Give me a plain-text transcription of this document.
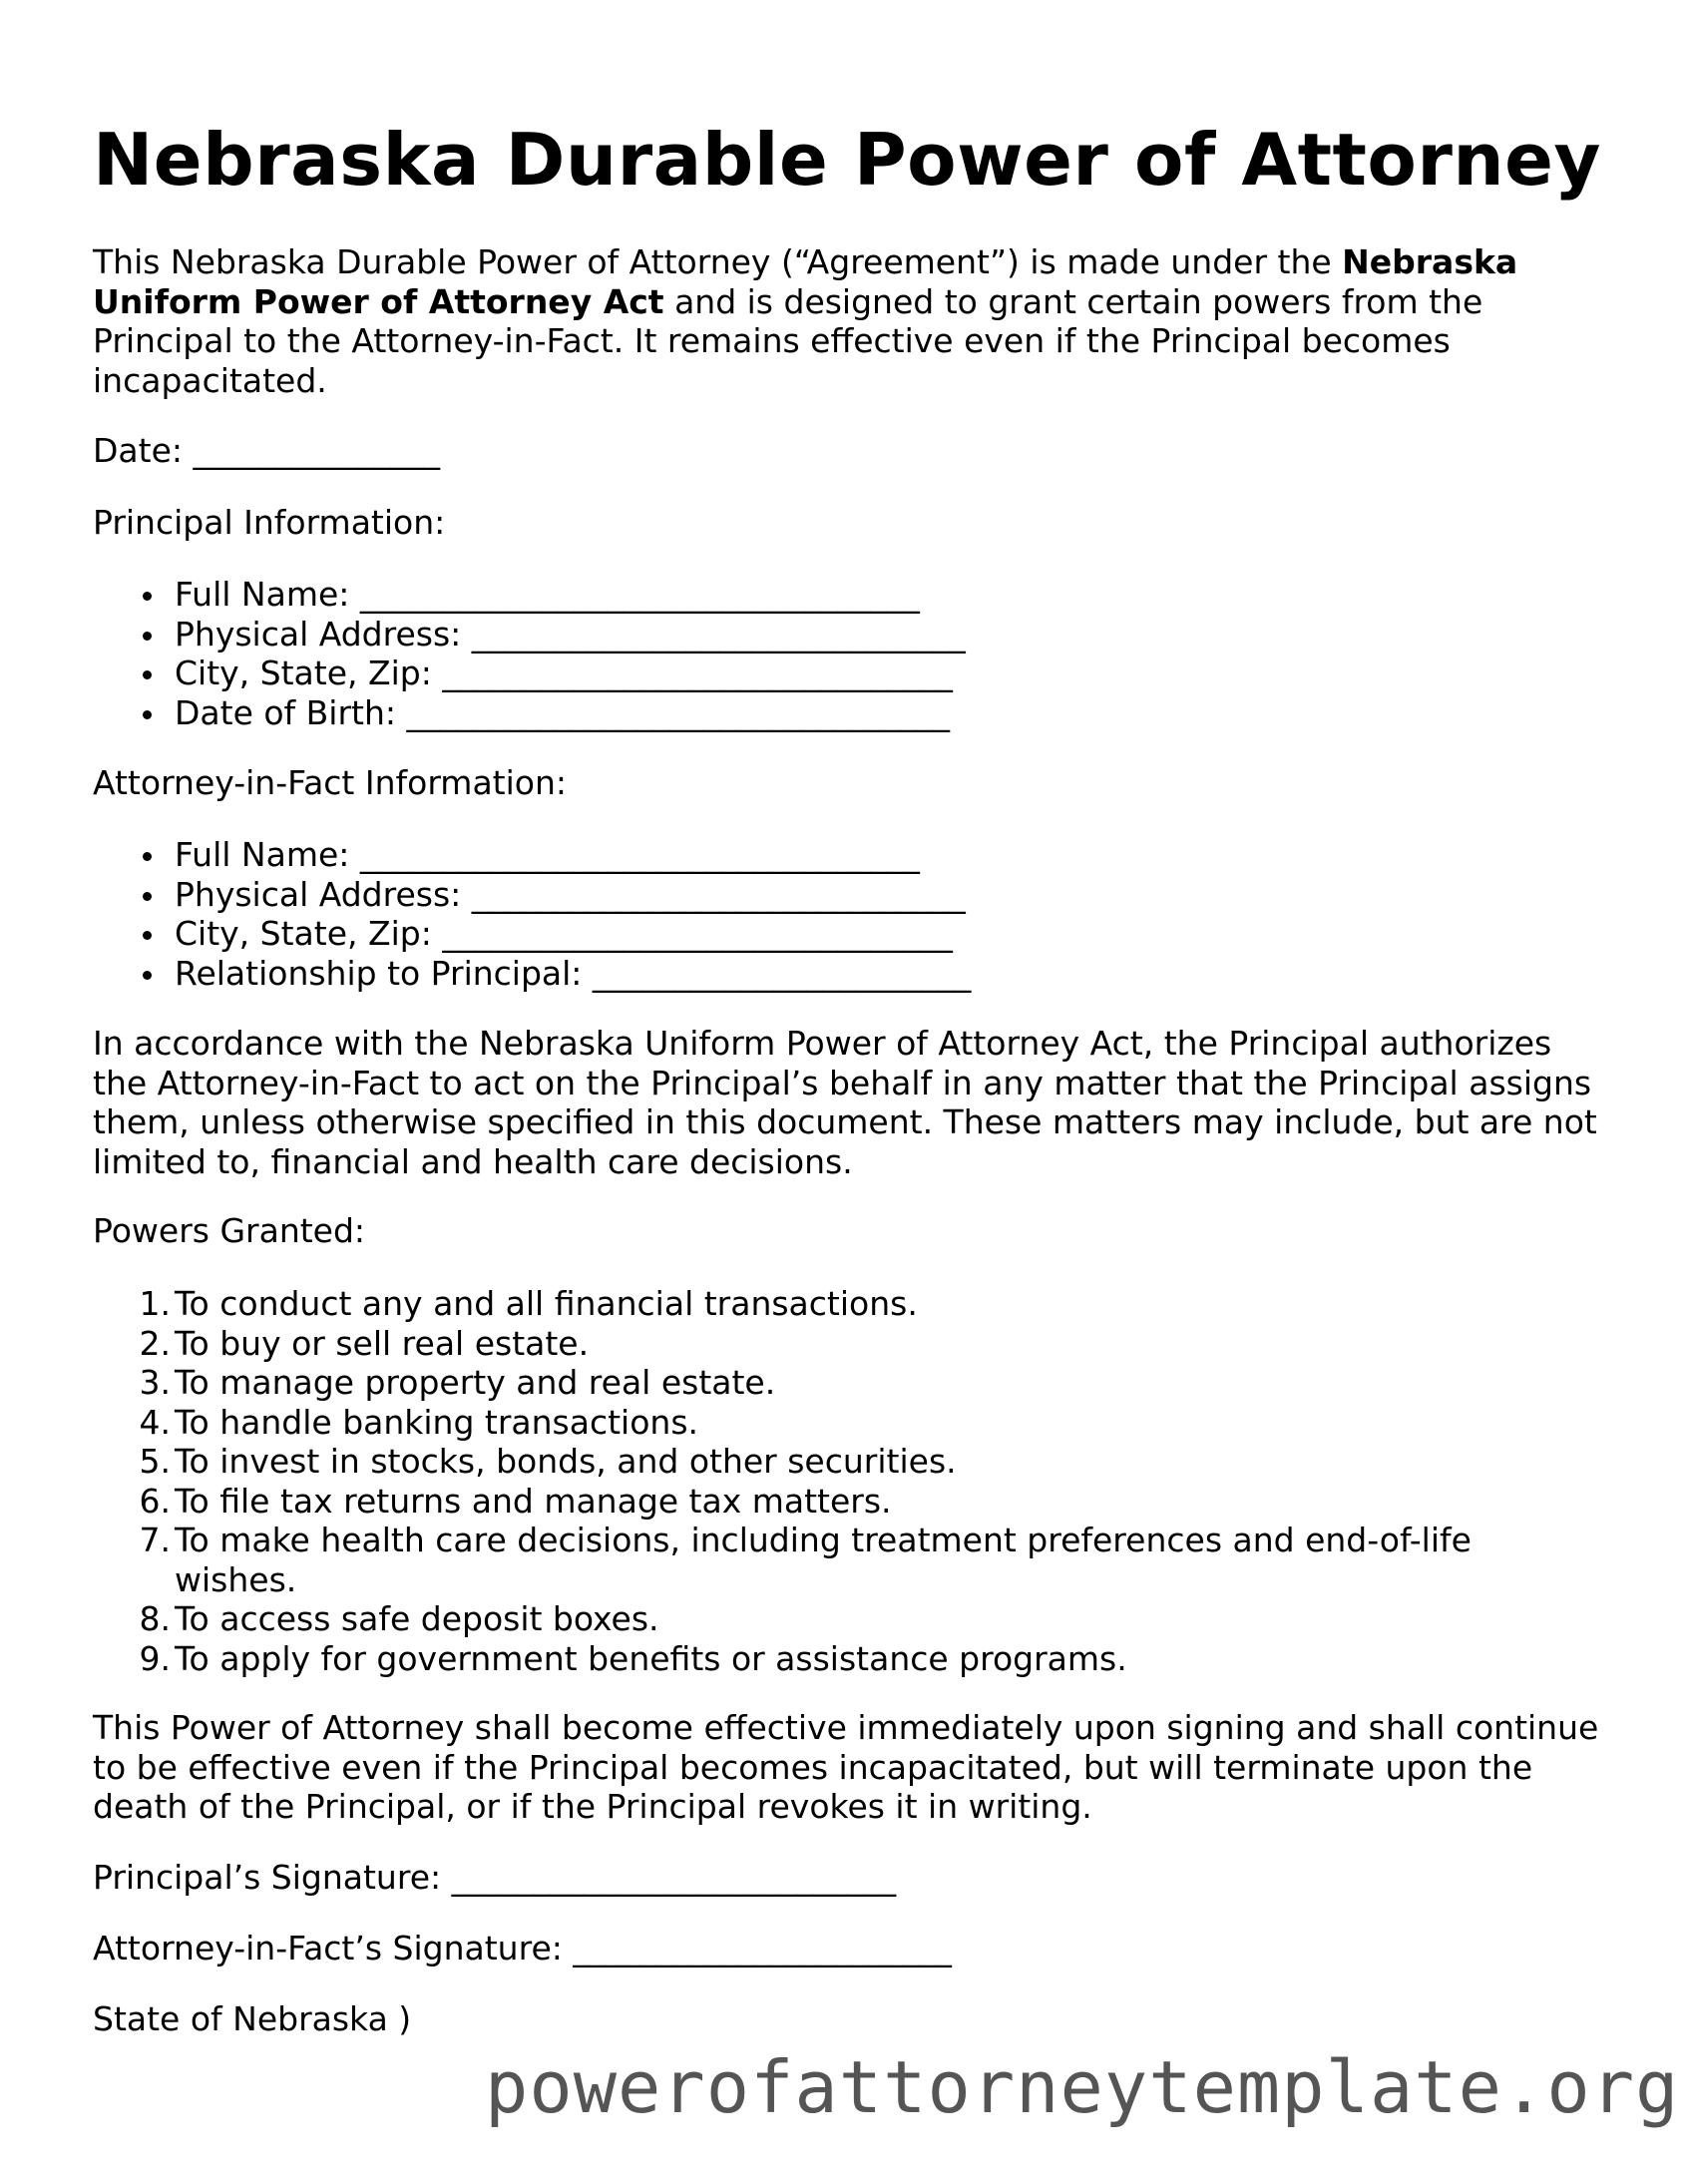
Nebraska Durable Power of Attorney

This Nebraska Durable Power of Attorney (“Agreement”) is made under the Nebraska Uniform Power of Attorney Act and is designed to grant certain powers from the Principal to the Attorney-in-Fact. It remains effective even if the Principal becomes incapacitated.

Date: _______________

Principal Information:

Full Name: __________________________________
Physical Address: ______________________________
City, State, Zip: _______________________________
Date of Birth: _________________________________

Attorney-in-Fact Information:

Full Name: __________________________________
Physical Address: ______________________________
City, State, Zip: _______________________________
Relationship to Principal: _______________________

In accordance with the Nebraska Uniform Power of Attorney Act, the Principal authorizes the Attorney-in-Fact to act on the Principal’s behalf in any matter that the Principal assigns them, unless otherwise specified in this document. These matters may include, but are not limited to, financial and health care decisions.

Powers Granted:

1. To conduct any and all financial transactions.
2. To buy or sell real estate.
3. To manage property and real estate.
4. To handle banking transactions.
5. To invest in stocks, bonds, and other securities.
6. To file tax returns and manage tax matters.
7. To make health care decisions, including treatment preferences and end-of-life wishes.
8. To access safe deposit boxes.
9. To apply for government benefits or assistance programs.

This Power of Attorney shall become effective immediately upon signing and shall continue to be effective even if the Principal becomes incapacitated, but will terminate upon the death of the Principal, or if the Principal revokes it in writing.

Principal’s Signature: ___________________________

Attorney-in-Fact’s Signature: _______________________

State of Nebraska )

powerofattorneytemplate.org
